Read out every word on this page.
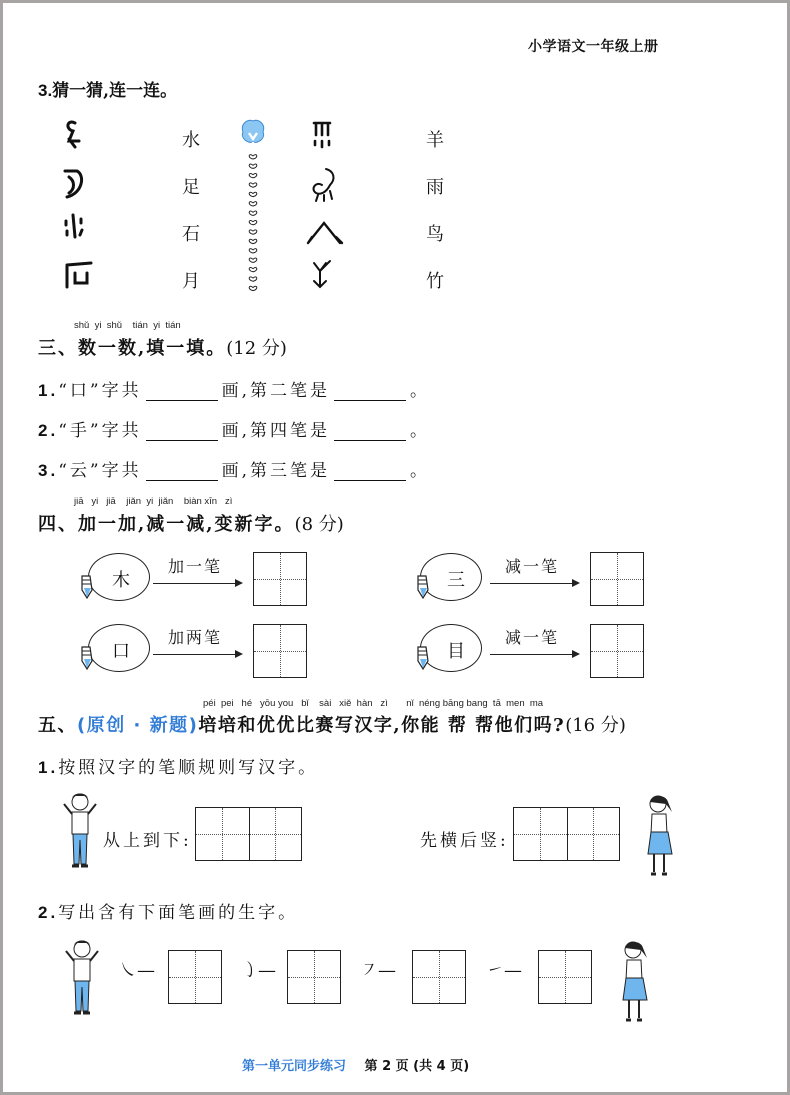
小学语文一年级上册
3.猜一猜,连一连。
水
足
石
月
羊
雨
鸟
竹
shǔ  yi  shǔ    tián  yi  tián
三、数一数,填一填。(12 分)
1.“口”字共	画,第二笔是	。
2.“手”字共	画,第四笔是	。
3.“云”字共	画,第三笔是	。
jiā   yi   jiā    jiǎn  yi  jiǎn    biàn xīn   zì
四、加一加,减一减,变新字。(8 分)
木
加一笔
三
减一笔
口
加两笔
目
减一笔
péi  pei   hé   yōu you   bǐ    sài   xiě  hàn   zì       nǐ  néng bāng bang  tā  men  ma
五、(原创 · 新题)培培和优优比赛写汉字,你能 帮 帮他们吗?(16 分)
1.按照汉字的笔顺规则写汉字。
从上到下:	先横后竖:
2.写出含有下面笔画的生字。
㇏—	㇁—	㇇—	㇀—
第一单元同步练习 第 2 页 (共 4 页)
